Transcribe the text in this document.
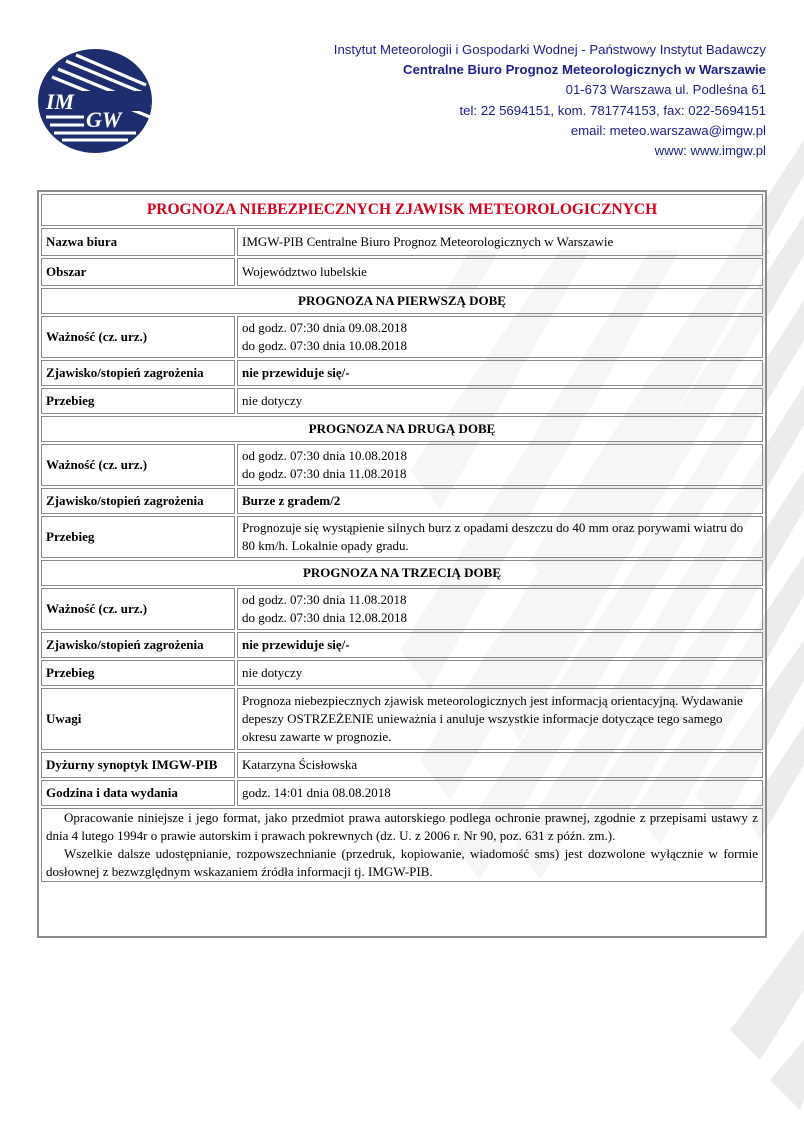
IM
GW
Instytut Meteorologii i Gospodarki Wodnej - Państwowy Instytut Badawczy
Centralne Biuro Prognoz Meteorologicznych w Warszawie
01-673 Warszawa ul. Podleśna 61
tel: 22 5694151, kom. 781774153, fax: 022-5694151
email: meteo.warszawa@imgw.pl
www: www.imgw.pl
PROGNOZA NIEBEZPIECZNYCH ZJAWISK METEOROLOGICZNYCH	
Nazwa biura	IMGW-PIB Centralne Biuro Prognoz Meteorologicznych w Warszawie
Obszar	Województwo lubelskie
PROGNOZA NA PIERWSZĄ DOBĘ	
Ważność (cz. urz.)	od godz. 07:30 dnia 09.08.2018
do godz. 07:30 dnia 10.08.2018

Zjawisko/stopień zagrożenia	nie przewiduje się/-
Przebieg	nie dotyczy
PROGNOZA NA DRUGĄ DOBĘ	
Ważność (cz. urz.)	od godz. 07:30 dnia 10.08.2018
do godz. 07:30 dnia 11.08.2018

Zjawisko/stopień zagrożenia	Burze z gradem/2
Przebieg	Prognozuje się wystąpienie silnych burz z opadami deszczu do 40 mm oraz porywami wiatru do 80 km/h. Lokalnie opady gradu.
PROGNOZA NA TRZECIĄ DOBĘ	
Ważność (cz. urz.)	od godz. 07:30 dnia 11.08.2018
do godz. 07:30 dnia 12.08.2018

Zjawisko/stopień zagrożenia	nie przewiduje się/-
Przebieg	nie dotyczy
Uwagi	Prognoza niebezpiecznych zjawisk meteorologicznych jest informacją orientacyjną. Wydawanie depeszy OSTRZEŻENIE unieważnia i anuluje wszystkie informacje dotyczące tego samego okresu zawarte w prognozie.
Dyżurny synoptyk IMGW-PIB	Katarzyna Ścisłowska
Godzina i data wydania	godz. 14:01 dnia 08.08.2018

Opracowanie niniejsze i jego format, jako przedmiot prawa autorskiego podlega ochronie prawnej, zgodnie z przepisami ustawy z dnia 4 lutego 1994r o prawie autorskim i prawach pokrewnych (dz. U. z 2006 r. Nr 90, poz. 631 z późn. zm.).
Wszelkie dalsze udostępnianie, rozpowszechnianie (przedruk, kopiowanie, wiadomość sms) jest dozwolone wyłącznie w formie dosłownej z bezwzględnym wskazaniem źródła informacji tj. IMGW-PIB.	
